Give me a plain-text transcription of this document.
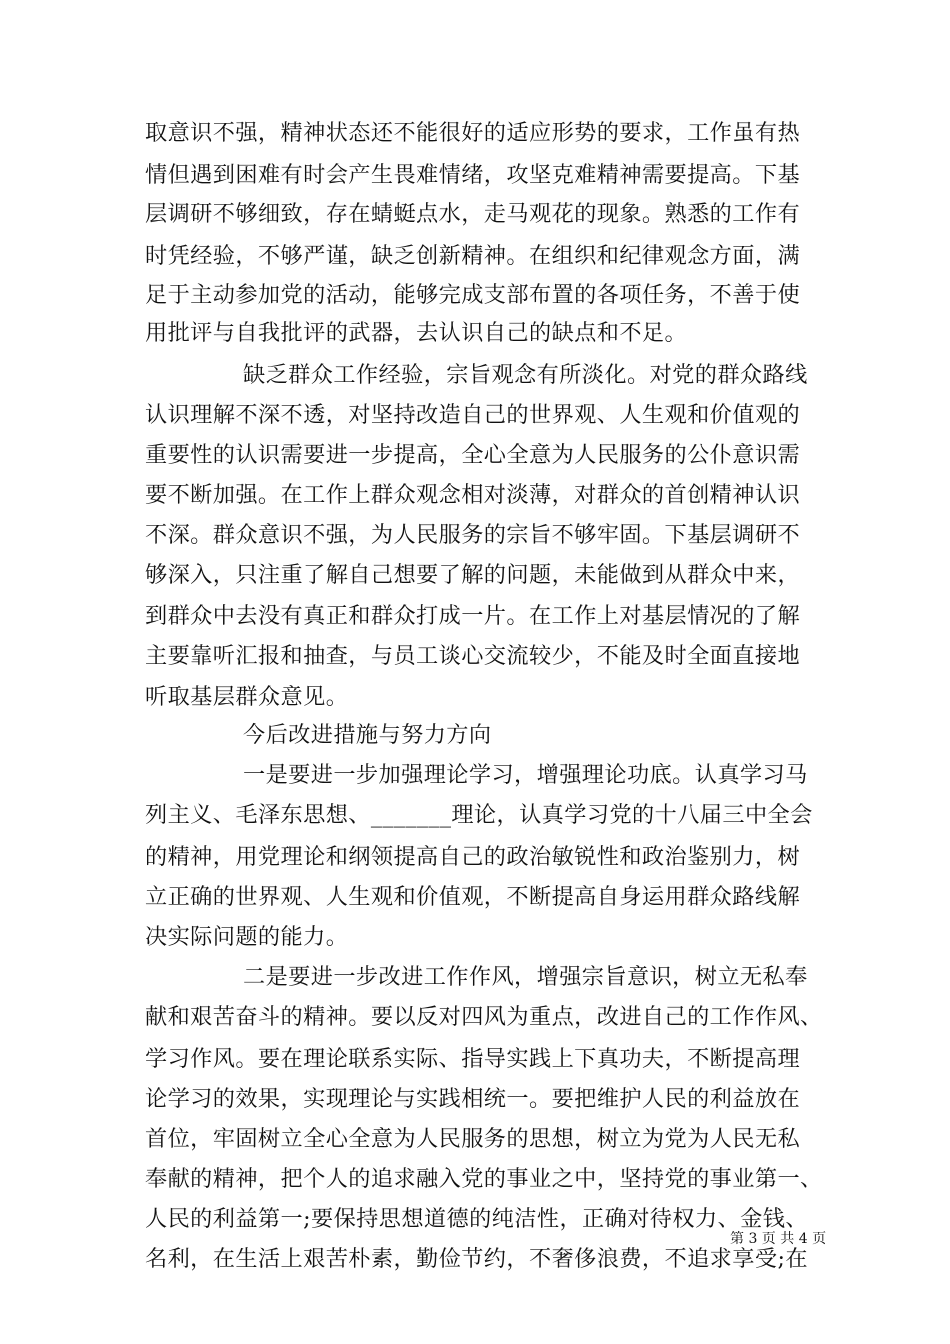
取意识不强，精神状态还不能很好的适应形势的要求，工作虽有热
情但遇到困难有时会产生畏难情绪，攻坚克难精神需要提高。下基
层调研不够细致，存在蜻蜓点水，走马观花的现象。熟悉的工作有
时凭经验，不够严谨，缺乏创新精神。在组织和纪律观念方面，满
足于主动参加党的活动，能够完成支部布置的各项任务，不善于使
用批评与自我批评的武器，去认识自己的缺点和不足。
缺乏群众工作经验，宗旨观念有所淡化。对党的群众路线
认识理解不深不透，对坚持改造自己的世界观、人生观和价值观的
重要性的认识需要进一步提高，全心全意为人民服务的公仆意识需
要不断加强。在工作上群众观念相对淡薄，对群众的首创精神认识
不深。群众意识不强，为人民服务的宗旨不够牢固。下基层调研不
够深入，只注重了解自己想要了解的问题，未能做到从群众中来，
到群众中去没有真正和群众打成一片。在工作上对基层情况的了解
主要靠听汇报和抽查，与员工谈心交流较少，不能及时全面直接地
听取基层群众意见。
今后改进措施与努力方向
一是要进一步加强理论学习，增强理论功底。认真学习马
列主义、毛泽东思想、_______理论，认真学习党的十八届三中全会
的精神，用党理论和纲领提高自己的政治敏锐性和政治鉴别力，树
立正确的世界观、人生观和价值观，不断提高自身运用群众路线解
决实际问题的能力。
二是要进一步改进工作作风，增强宗旨意识，树立无私奉
献和艰苦奋斗的精神。要以反对四风为重点，改进自己的工作作风、
学习作风。要在理论联系实际、指导实践上下真功夫，不断提高理
论学习的效果，实现理论与实践相统一。要把维护人民的利益放在
首位，牢固树立全心全意为人民服务的思想，树立为党为人民无私
奉献的精神，把个人的追求融入党的事业之中，坚持党的事业第一、
人民的利益第一;要保持思想道德的纯洁性，正确对待权力、金钱、
名利，在生活上艰苦朴素，勤俭节约，不奢侈浪费，不追求享受;在
第 3 页 共 4 页
